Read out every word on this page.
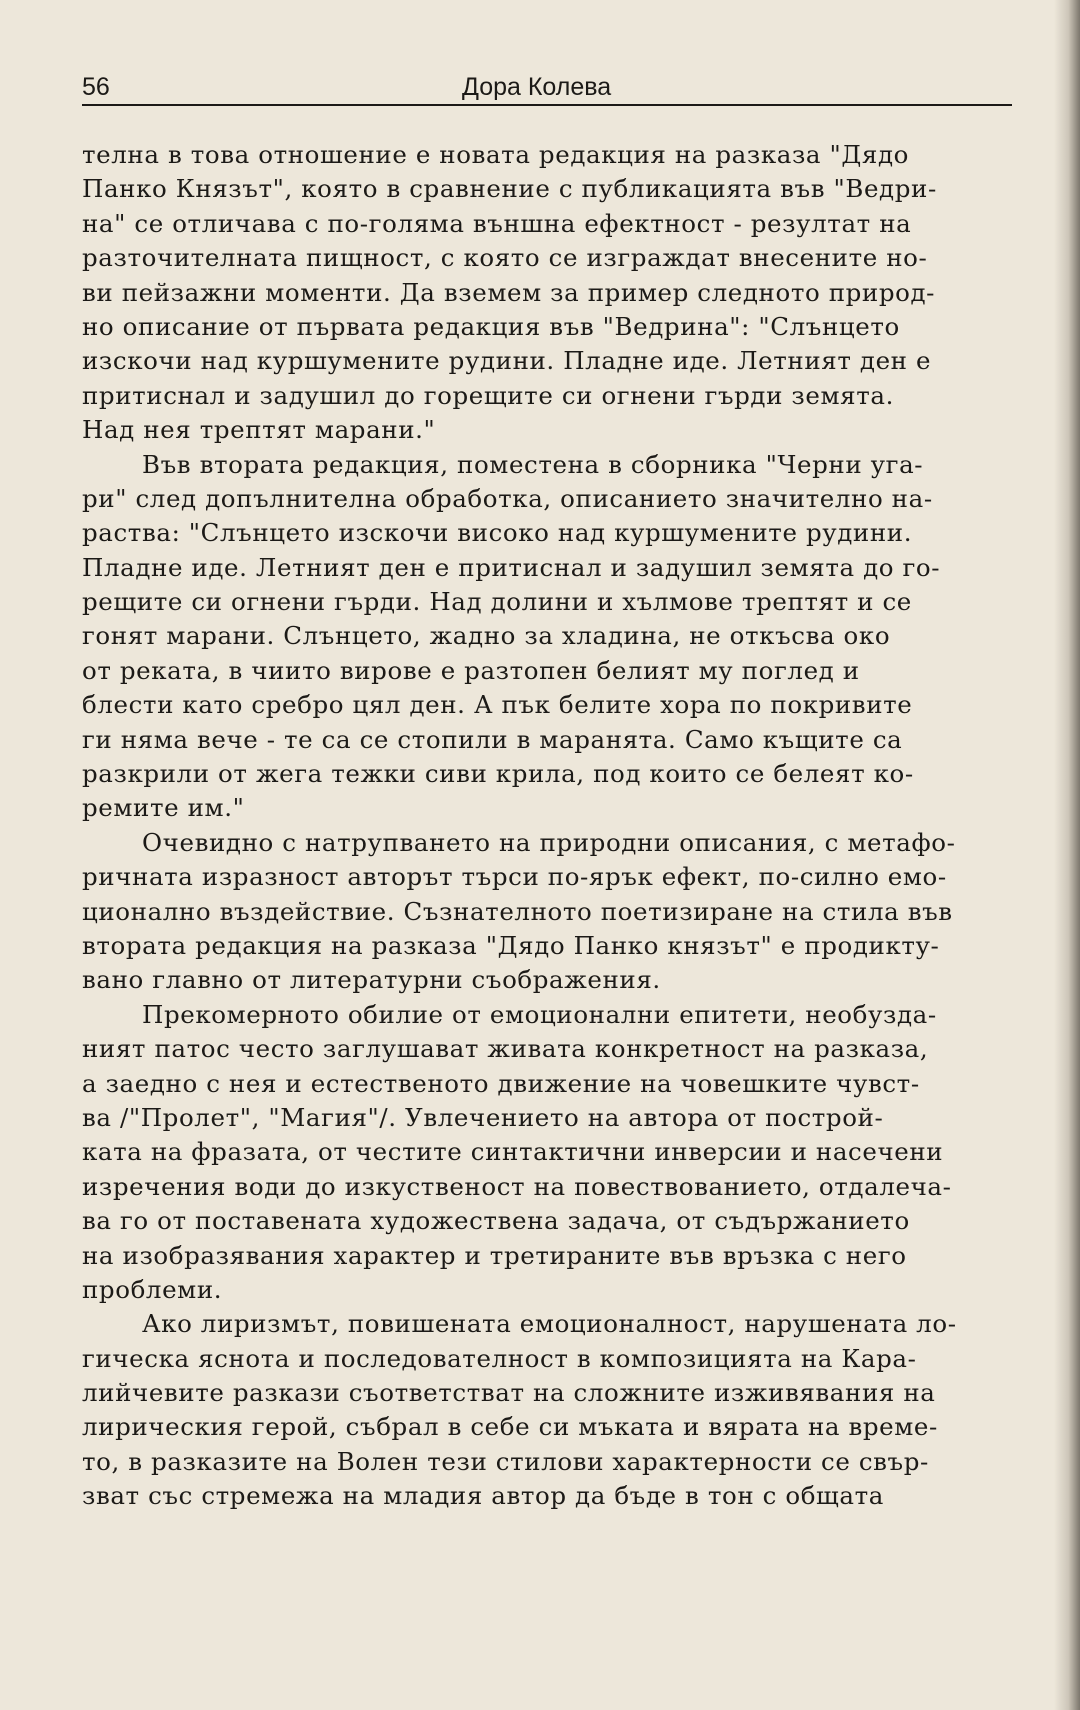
56	Дора Колева
телна в това отношение е новата редакция на разказа "Дядо
Панко Князът", която в сравнение с публикацията във "Ведри-
на" се отличава с по-голяма външна ефектност - резултат на
разточителната пищност, с която се изграждат внесените но-
ви пейзажни моменти. Да вземем за пример следното природ-
но описание от първата редакция във "Ведрина": "Слънцето
изскочи над куршумените рудини. Пладне иде. Летният ден е
притиснал и задушил до горещите си огнени гърди земята.
Над нея трептят марани."
Във втората редакция, поместена в сборника "Черни уга-
ри" след допълнителна обработка, описанието значително на-
раства: "Слънцето изскочи високо над куршумените рудини.
Пладне иде. Летният ден е притиснал и задушил земята до го-
рещите си огнени гърди. Над долини и хълмове трептят и се
гонят марани. Слънцето, жадно за хладина, не откъсва око
от реката, в чиито вирове е разтопен белият му поглед и
блести като сребро цял ден. А пък белите хора по покривите
ги няма вече - те са се стопили в маранята. Само къщите са
разкрили от жега тежки сиви крила, под които се белеят ко-
ремите им."
Очевидно с натрупването на природни описания, с метафо-
ричната изразност авторът търси по-ярък ефект, по-силно емо-
ционално въздействие. Съзнателното поетизиране на стила във
втората редакция на разказа "Дядо Панко князът" е продикту-
вано главно от литературни съображения.
Прекомерното обилие от емоционални епитети, необузда-
ният патос често заглушават живата конкретност на разказа,
а заедно с нея и естественото движение на човешките чувст-
ва /"Пролет", "Магия"/. Увлечението на автора от построй-
ката на фразата, от честите синтактични инверсии и насечени
изречения води до изкуственост на повествованието, отдалеча-
ва го от поставената художествена задача, от съдържанието
на изобразявания характер и третираните във връзка с него
проблеми.
Ако лиризмът, повишената емоционалност, нарушената ло-
гическа яснота и последователност в композицията на Кара-
лийчевите разкази съответстват на сложните изживявания на
лирическия герой, събрал в себе си мъката и вярата на време-
то, в разказите на Волен тези стилови характерности се свър-
зват със стремежа на младия автор да бъде в тон с общата
